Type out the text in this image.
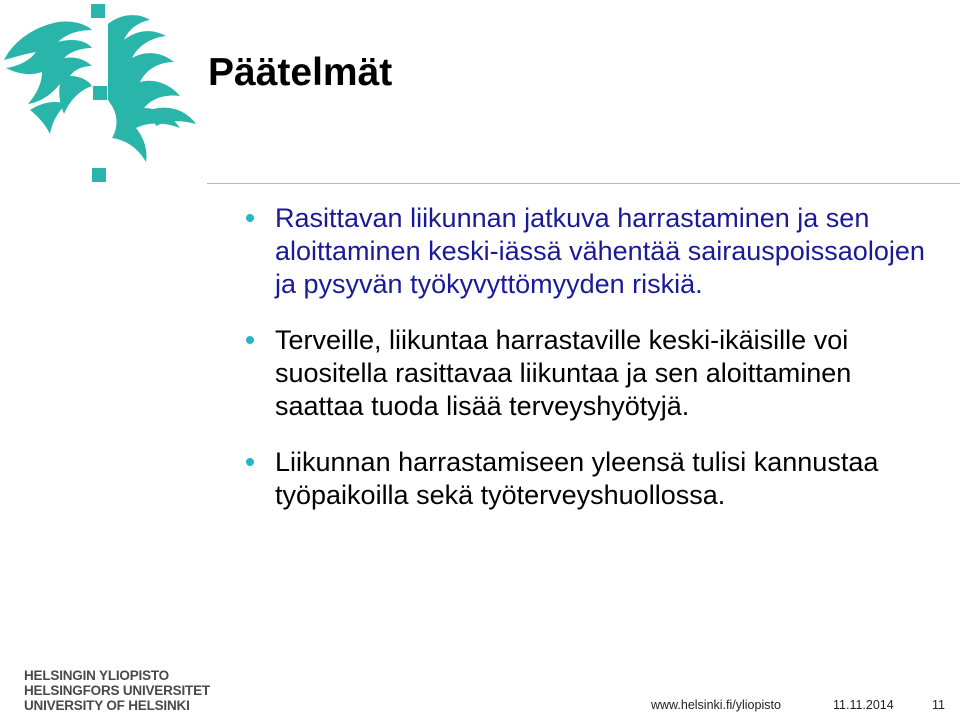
Päätelmät
Rasittavan liikunnan jatkuva harrastaminen ja sen aloittaminen keski-iässä vähentää sairauspoissaolojen ja pysyvän työkyvyttömyyden riskiä.
Terveille, liikuntaa harrastaville keski-ikäisille voi suositella rasittavaa liikuntaa ja sen aloittaminen saattaa tuoda lisää terveyshyötyjä.
Liikunnan harrastamiseen yleensä tulisi kannustaa työpaikoilla sekä työterveyshuollossa.
HELSINGIN YLIOPISTO
HELSINGFORS UNIVERSITET
UNIVERSITY OF HELSINKI	www.helsinki.fi/yliopisto	11.11.2014	11
